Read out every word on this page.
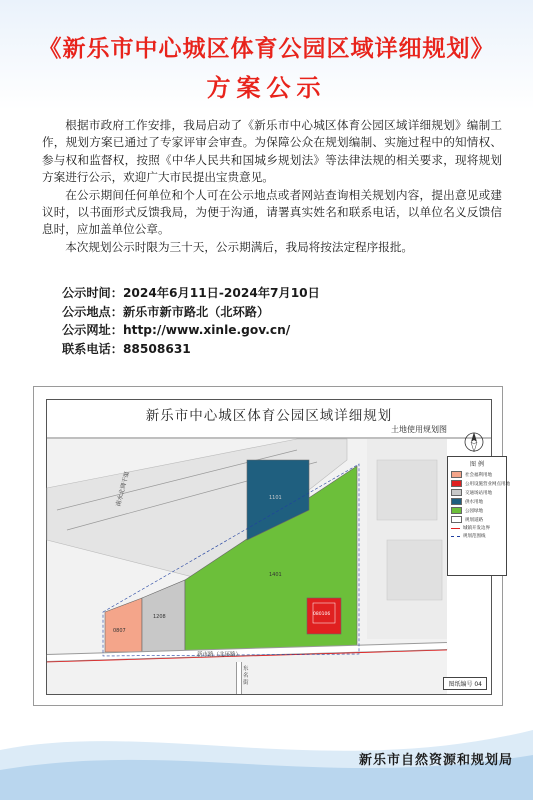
《新乐市中心城区体育公园区域详细规划》
方案公示

根据市政府工作安排，我局启动了《新乐市中心城区体育公园区域详细规划》编制工作，规划方案已通过了专家评审会审查。为保障公众在规划编制、实施过程中的知情权、参与权和监督权，按照《中华人民共和国城乡规划法》等法律法规的相关要求，现将规划方案进行公示，欢迎广大市民提出宝贵意见。

在公示期间任何单位和个人可在公示地点或者网站查询相关规划内容，提出意见或建议时，以书面形式反馈我局，为便于沟通，请署真实姓名和联系电话，以单位名义反馈信息时，应加盖单位公章。

本次规划公示时限为三十天，公示期满后，我局将按法定程序报批。

公示时间：2024年6月11日-2024年7月10日
公示地点：新乐市新市路北（北环路）
公示网址：http://www.xinle.gov.cn/
联系电话：88508631
新乐市中心城区体育公园区域详细规划
土地使用规划图
南水北调干渠
新市路（北环路）
东名街
0807
1208
1401
1101
080106
图 例
社会福利用地
公用设施营业网点用地
交通场站用地
供水用地
公园绿地
规划道路
城镇开发边界
规划范围线
图纸编号 04
新乐市自然资源和规划局
